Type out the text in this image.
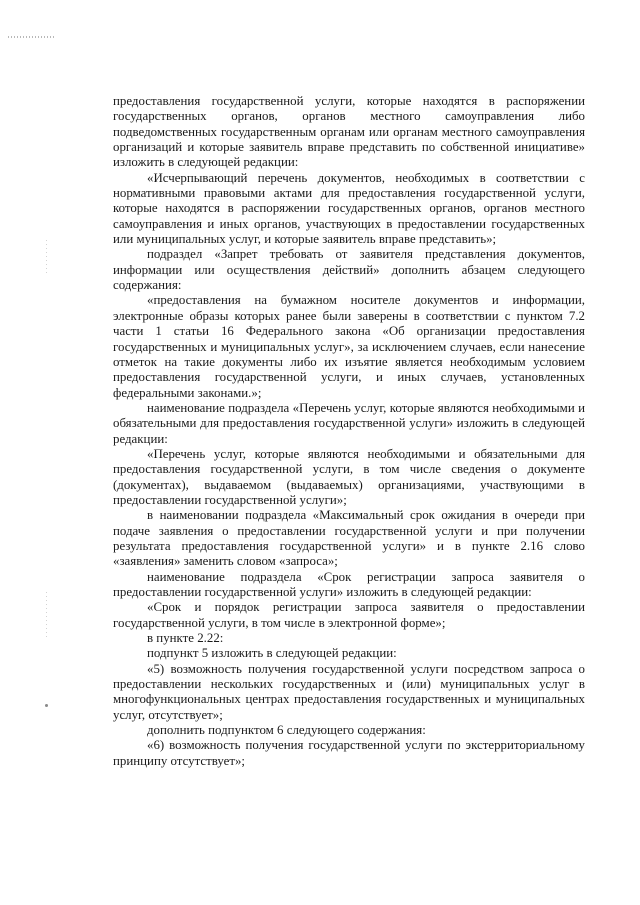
предоставления государственной услуги, которые находятся в распоряжении государственных органов, органов местного самоуправления либо подведомственных государственным органам или органам местного самоуправления организаций и которые заявитель вправе представить по собственной инициативе» изложить в следующей редакции:

«Исчерпывающий перечень документов, необходимых в соответствии с нормативными правовыми актами для предоставления государственной услуги, которые находятся в распоряжении государственных органов, органов местного самоуправления и иных органов, участвующих в предоставлении государственных или муниципальных услуг, и которые заявитель вправе представить»;

подраздел «Запрет требовать от заявителя представления документов, информации или осуществления действий» дополнить абзацем следующего содержания:

«предоставления на бумажном носителе документов и информации, электронные образы которых ранее были заверены в соответствии с пунктом 7.2 части 1 статьи 16 Федерального закона «Об организации предоставления государственных и муниципальных услуг», за исключением случаев, если нанесение отметок на такие документы либо их изъятие является необходимым условием предоставления государственной услуги, и иных случаев, установленных федеральными законами.»;

наименование подраздела «Перечень услуг, которые являются необходимыми и обязательными для предоставления государственной услуги» изложить в следующей редакции:

«Перечень услуг, которые являются необходимыми и обязательными для предоставления государственной услуги, в том числе сведения о документе (документах), выдаваемом (выдаваемых) организациями, участвующими в предоставлении государственной услуги»;

в наименовании подраздела «Максимальный срок ожидания в очереди при подаче заявления о предоставлении государственной услуги и при получении результата предоставления государственной услуги» и в пункте 2.16 слово «заявления» заменить словом «запроса»;

наименование подраздела «Срок регистрации запроса заявителя о предоставлении государственной услуги» изложить в следующей редакции:

«Срок и порядок регистрации запроса заявителя о предоставлении государственной услуги, в том числе в электронной форме»;

в пункте 2.22:

подпункт 5 изложить в следующей редакции:

«5) возможность получения государственной услуги посредством запроса о предоставлении нескольких государственных и (или) муниципальных услуг в многофункциональных центрах предоставления государственных и муниципальных услуг, отсутствует»;

дополнить подпунктом 6 следующего содержания:

«6) возможность получения государственной услуги по экстерриториальному принципу отсутствует»;
